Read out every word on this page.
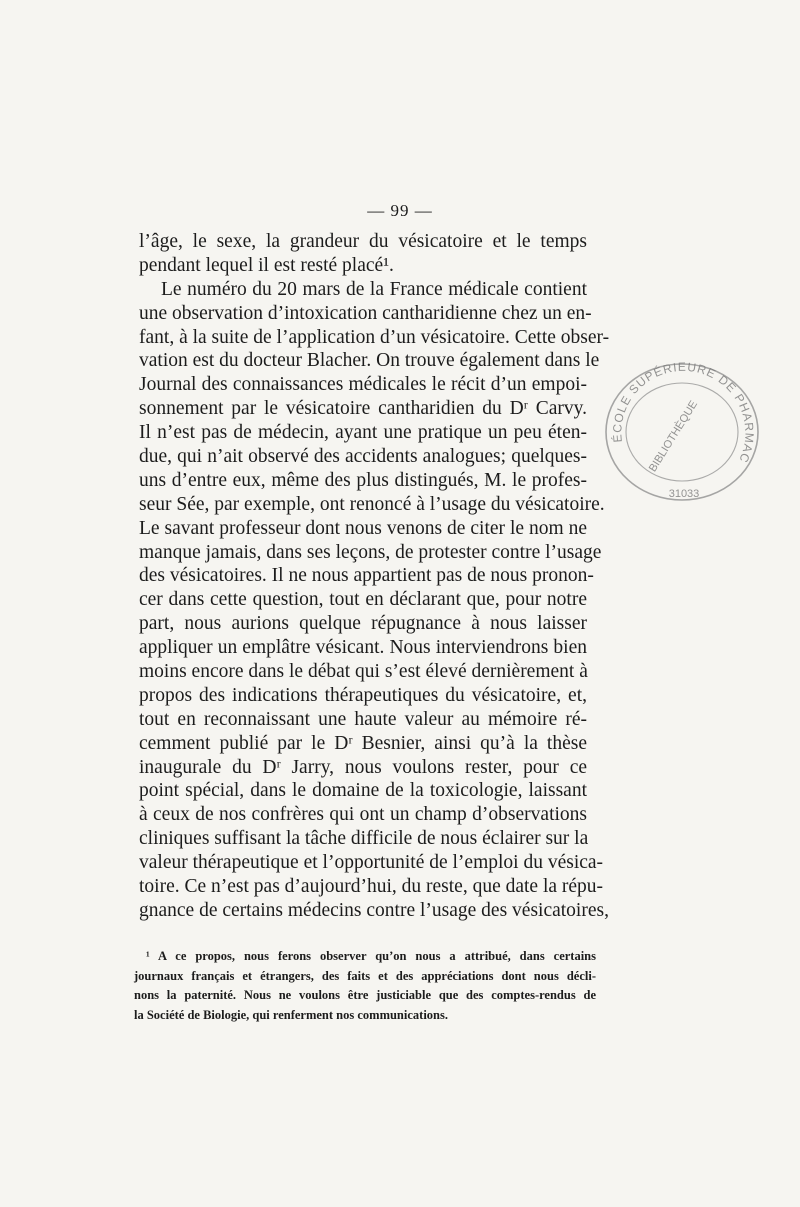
— 99 —
l’âge, le sexe, la grandeur du vésicatoire et le temps
pendant lequel il est resté placé¹.
Le numéro du 20 mars de la France médicale contient
une observation d’intoxication cantharidienne chez un en-
fant, à la suite de l’application d’un vésicatoire. Cette obser-
vation est du docteur Blacher. On trouve également dans le
Journal des connaissances médicales le récit d’un empoi-
sonnement par le vésicatoire cantharidien du Dʳ Carvy.
Il n’est pas de médecin, ayant une pratique un peu éten-
due, qui n’ait observé des accidents analogues; quelques-
uns d’entre eux, même des plus distingués, M. le profes-
seur Sée, par exemple, ont renoncé à l’usage du vésicatoire.
Le savant professeur dont nous venons de citer le nom ne
manque jamais, dans ses leçons, de protester contre l’usage
des vésicatoires. Il ne nous appartient pas de nous pronon-
cer dans cette question, tout en déclarant que, pour notre
part, nous aurions quelque répugnance à nous laisser
appliquer un emplâtre vésicant. Nous interviendrons bien
moins encore dans le débat qui s’est élevé dernièrement à
propos des indications thérapeutiques du vésicatoire, et,
tout en reconnaissant une haute valeur au mémoire ré-
cemment publié par le Dʳ Besnier, ainsi qu’à la thèse
inaugurale du Dʳ Jarry, nous voulons rester, pour ce
point spécial, dans le domaine de la toxicologie, laissant
à ceux de nos confrères qui ont un champ d’observations
cliniques suffisant la tâche difficile de nous éclairer sur la
valeur thérapeutique et l’opportunité de l’emploi du vésica-
toire. Ce n’est pas d’aujourd’hui, du reste, que date la répu-
gnance de certains médecins contre l’usage des vésicatoires,
¹ A ce propos, nous ferons observer qu’on nous a attribué, dans certains
journaux français et étrangers, des faits et des appréciations dont nous décli-
nons la paternité. Nous ne voulons être justiciable que des comptes-rendus de
la Société de Biologie, qui renferment nos communications.
ÉCOLE SUPÉRIEURE DE PHARMAC
BIBLIOTHÈQUE
31033
